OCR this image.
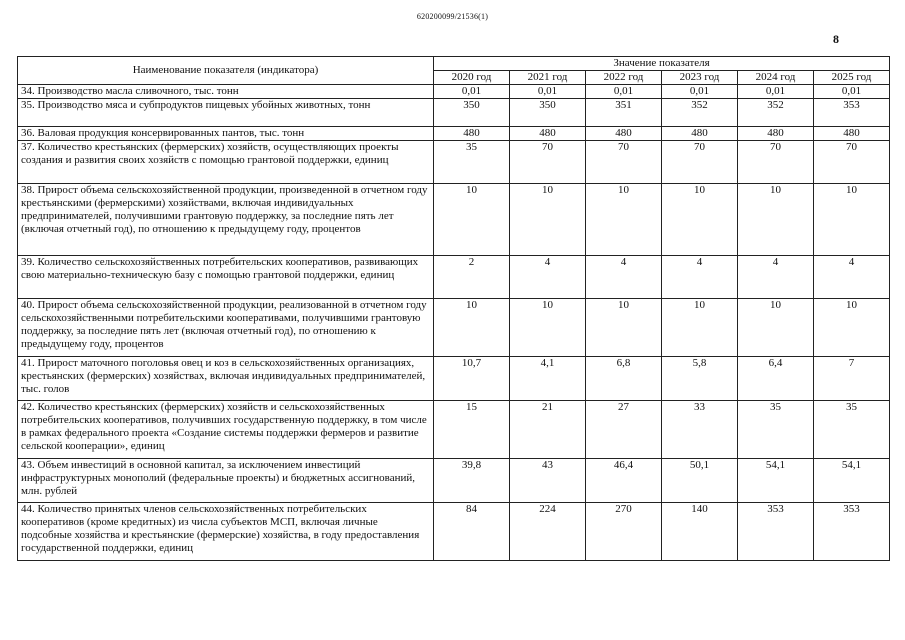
620200099/21536(1)
8
Наименование показателя (индикатора)	Значение показателя					
	2020 год	2021 год	2022 год	2023 год	2024 год	2025 год
34. Производство масла сливочного, тыс. тонн	0,01	0,01	0,01	0,01	0,01	0,01
35. Производство мяса и субпродуктов пищевых убойных животных, тонн	350	350	351	352	352	353
36. Валовая продукция консервированных пантов, тыс. тонн	480	480	480	480	480	480
37. Количество крестьянских (фермерских) хозяйств, осуществляющих проекты создания и развития своих хозяйств с помощью грантовой поддержки, единиц	35	70	70	70	70	70
38. Прирост объема сельскохозяйственной продукции, произведенной в отчетном году крестьянскими (фермерскими) хозяйствами, включая индивидуальных предпринимателей, получившими грантовую поддержку, за последние пять лет (включая отчетный год), по отношению к предыдущему году, процентов	10	10	10	10	10	10
39. Количество сельскохозяйственных потребительских кооперативов, развивающих свою материально-техническую базу с помощью грантовой поддержки, единиц	2	4	4	4	4	4
40. Прирост объема сельскохозяйственной продукции, реализованной в отчетном году сельскохозяйственными потребительскими кооперативами, получившими грантовую поддержку, за последние пять лет (включая отчетный год), по отношению к предыдущему году, процентов	10	10	10	10	10	10
41. Прирост маточного поголовья овец и коз в сельскохозяйственных организациях, крестьянских (фермерских) хозяйствах, включая индивидуальных предпринимателей, тыс. голов	10,7	4,1	6,8	5,8	6,4	7
42. Количество крестьянских (фермерских) хозяйств и сельскохозяйственных потребительских кооперативов, получивших государственную поддержку, в том числе в рамках федерального проекта «Создание системы поддержки фермеров и развитие сельской кооперации», единиц	15	21	27	33	35	35
43. Объем инвестиций в основной капитал, за исключением инвестиций инфраструктурных монополий (федеральные проекты) и бюджетных ассигнований, млн. рублей	39,8	43	46,4	50,1	54,1	54,1
44. Количество принятых членов сельскохозяйственных потребительских кооперативов (кроме кредитных) из числа субъектов МСП, включая личные подсобные хозяйства и крестьянские (фермерские) хозяйства, в году предоставления государственной поддержки, единиц	84	224	270	140	353	353
